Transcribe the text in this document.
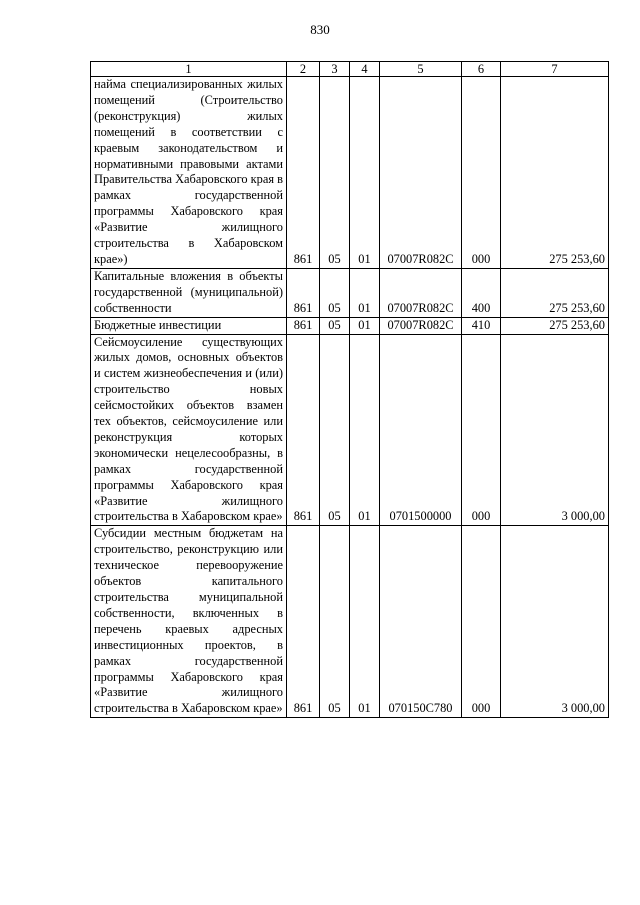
830
1	2	3	4	5	6	7
найма специализированных жилых помещений (Строительство (реконструкция) жилых помещений в соответствии с краевым законодательством и нормативными правовыми актами Правительства Хабаровского края в рамках государственной программы Хабаровского края «Развитие жилищного строительства в Хабаровском крае»)	861	05	01	07007R082C	000	275 253,60
Капитальные вложения в объекты государственной (муниципальной) собственности	861	05	01	07007R082C	400	275 253,60
Бюджетные инвестиции	861	05	01	07007R082C	410	275 253,60
Сейсмоусиление существующих жилых домов, основных объектов и систем жизнеобеспечения и (или) строительство новых сейсмостойких объектов взамен тех объектов, сейсмоусиление или реконструкция которых экономически нецелесообразны, в рамках государственной программы Хабаровского края «Развитие жилищного строительства в Хабаровском крае»	861	05	01	0701500000	000	3 000,00
Субсидии местным бюджетам на строительство, реконструкцию или техническое перевооружение объектов капитального строительства муниципальной собственности, включенных в перечень краевых адресных инвестиционных проектов, в рамках государственной программы Хабаровского края «Развитие жилищного строительства в Хабаровском крае»	861	05	01	070150C780	000	3 000,00
